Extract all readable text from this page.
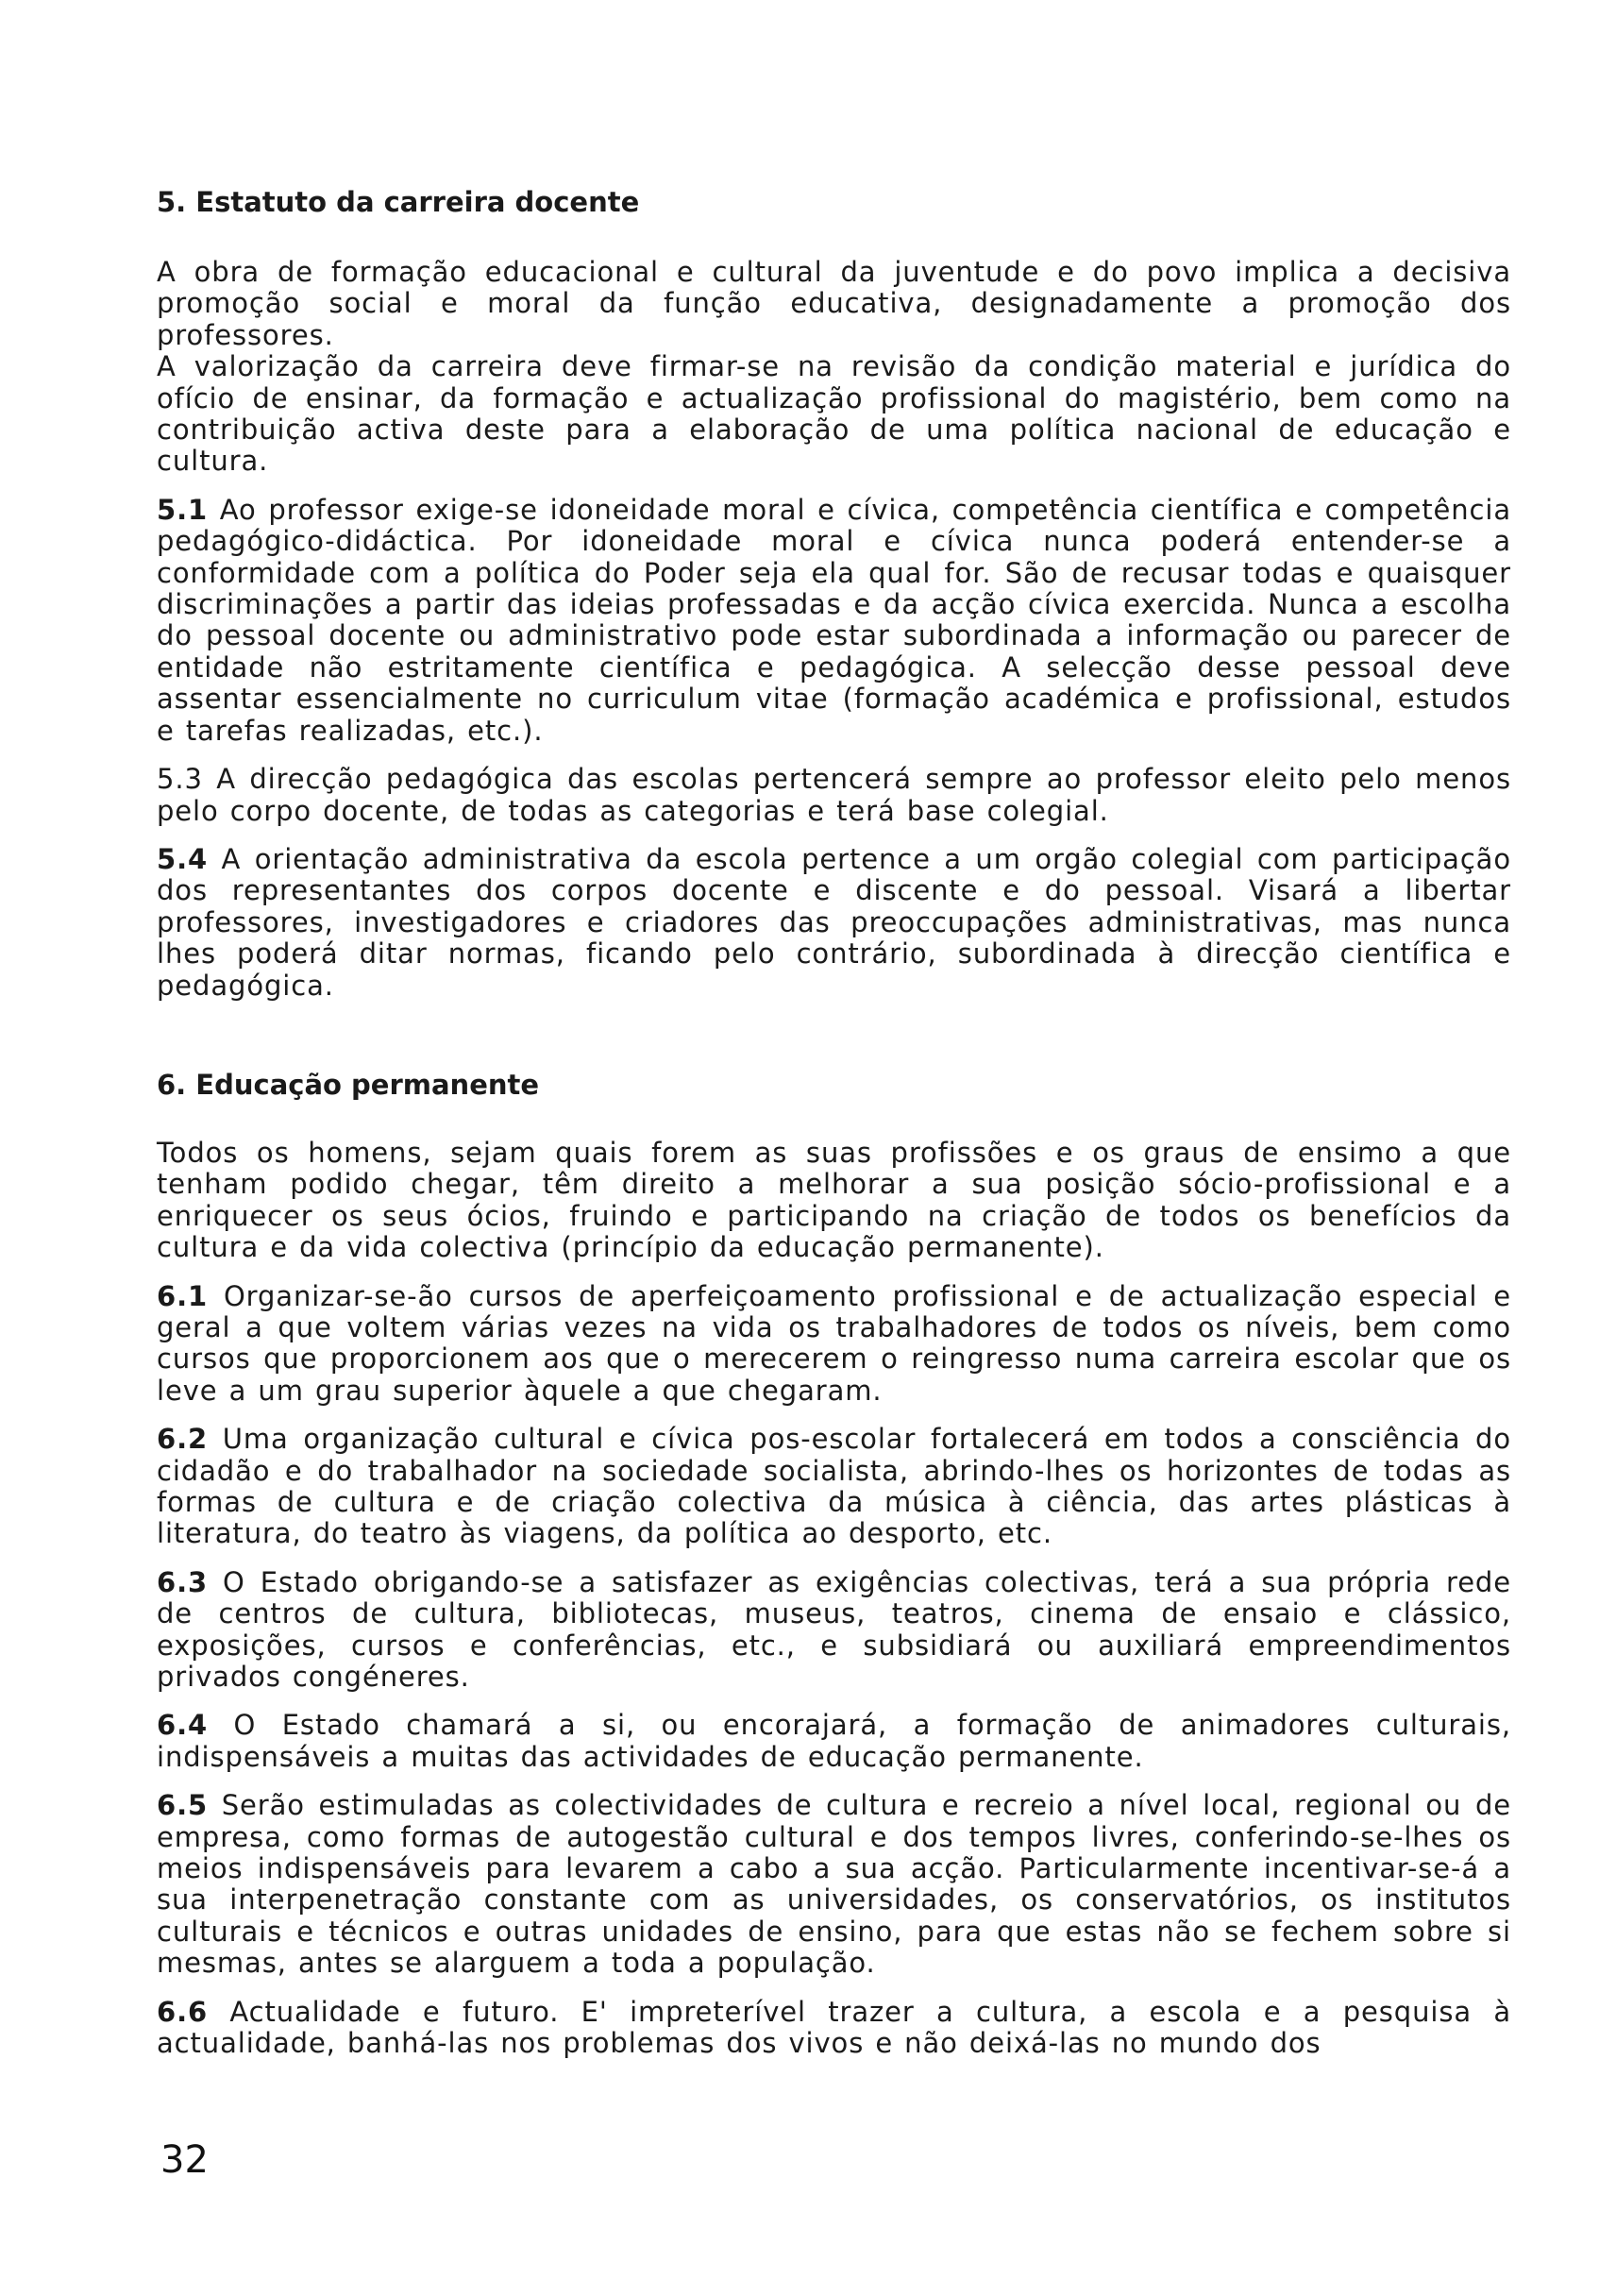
5. Estatuto da carreira docente

A obra de formação educacional e cultural da juventude e do povo implica a decisiva promoção social e moral da função educativa, designadamente a promoção dos professores.

A valorização da carreira deve firmar-se na revisão da condição material e jurídica do ofício de ensinar, da formação e actualização profissional do magistério, bem como na contribuição activa deste para a elaboração de uma política nacional de educação e cultura.

5.1 Ao professor exige-se idoneidade moral e cívica, competência científica e competência pedagógico-didáctica. Por idoneidade moral e cívica nunca poderá entender-se a conformidade com a política do Poder seja ela qual for. São de recusar todas e quaisquer discriminações a partir das ideias professadas e da acção cívica exercida. Nunca a escolha do pessoal docente ou administrativo pode estar subordinada a informação ou parecer de entidade não estritamente científica e pedagógica. A selecção desse pessoal deve assentar essencialmente no curriculum vitae (formação académica e profissional, estudos e tarefas realizadas, etc.).

5.3 A direcção pedagógica das escolas pertencerá sempre ao professor eleito pelo menos pelo corpo docente, de todas as categorias e terá base colegial.

5.4 A orientação administrativa da escola pertence a um orgão colegial com participação dos representantes dos corpos docente e discente e do pessoal. Visará a libertar professores, investigadores e criadores das preoccupações administrativas, mas nunca lhes poderá ditar normas, ficando pelo contrário, subordinada à direcção científica e pedagógica.

6. Educação permanente

Todos os homens, sejam quais forem as suas profissões e os graus de ensimo a que tenham podido chegar, têm direito a melhorar a sua posição sócio-profissional e a enriquecer os seus ócios, fruindo e participando na criação de todos os benefícios da cultura e da vida colectiva (princípio da educação permanente).

6.1 Organizar-se-ão cursos de aperfeiçoamento profissional e de actualização especial e geral a que voltem várias vezes na vida os trabalhadores de todos os níveis, bem como cursos que proporcionem aos que o merecerem o reingresso numa carreira escolar que os leve a um grau superior àquele a que chegaram.

6.2 Uma organização cultural e cívica pos-escolar fortalecerá em todos a consciência do cidadão e do trabalhador na sociedade socialista, abrindo-lhes os horizontes de todas as formas de cultura e de criação colectiva da música à ciência, das artes plásticas à literatura, do teatro às viagens, da política ao desporto, etc.

6.3 O Estado obrigando-se a satisfazer as exigências colectivas, terá a sua própria rede de centros de cultura, bibliotecas, museus, teatros, cinema de ensaio e clássico, exposições, cursos e conferências, etc., e subsidiará ou auxiliará empreendimentos privados congéneres.

6.4 O Estado chamará a si, ou encorajará, a formação de animadores culturais, indispensáveis a muitas das actividades de educação permanente.

6.5 Serão estimuladas as colectividades de cultura e recreio a nível local, regional ou de empresa, como formas de autogestão cultural e dos tempos livres, conferindo-se-lhes os meios indispensáveis para levarem a cabo a sua acção. Particularmente incentivar-se-á a sua interpenetração constante com as universidades, os conservatórios, os institutos culturais e técnicos e outras unidades de ensino, para que estas não se fechem sobre si mesmas, antes se alarguem a toda a população.

6.6 Actualidade e futuro. E' impreterível trazer a cultura, a escola e a pesquisa à actualidade, banhá-las nos problemas dos vivos e não deixá-las no mundo dos

32
